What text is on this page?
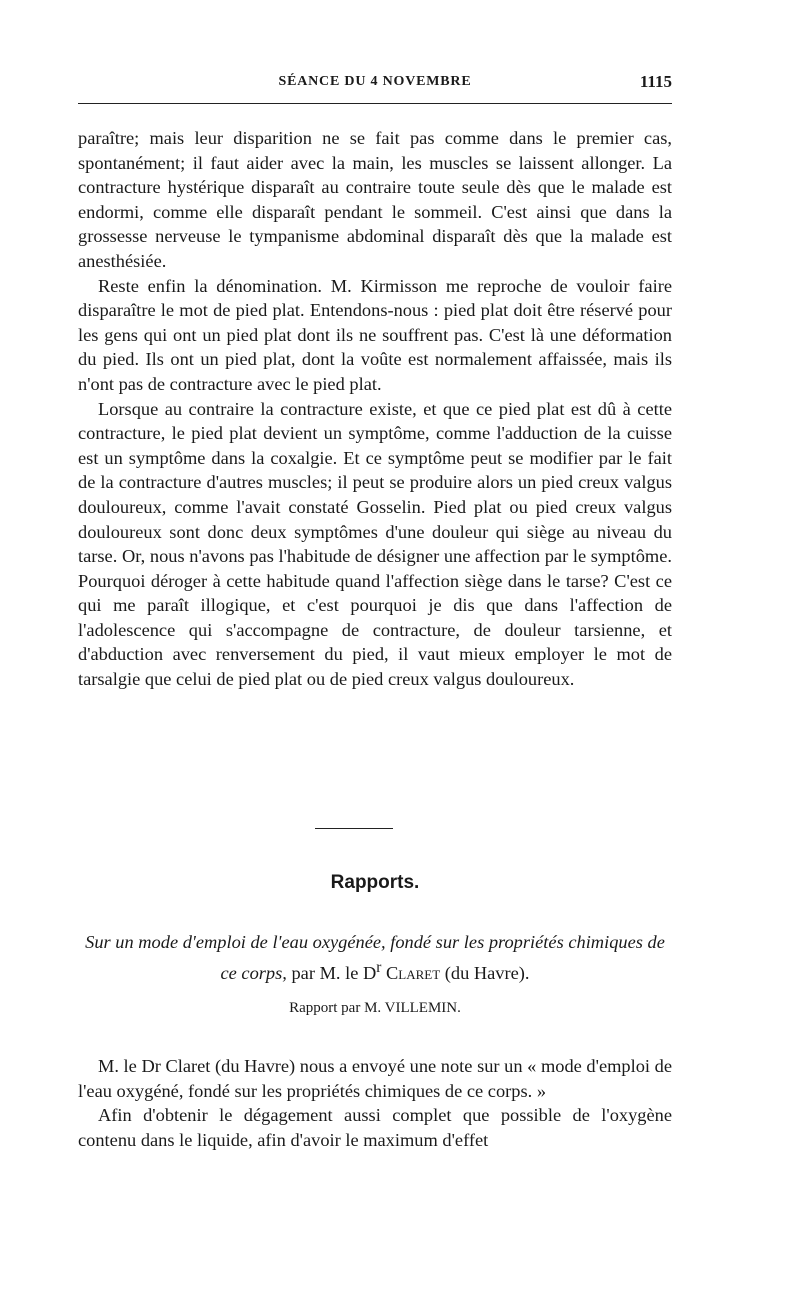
SÉANCE DU 4 NOVEMBRE	1115

paraître; mais leur disparition ne se fait pas comme dans le premier cas, spontanément; il faut aider avec la main, les muscles se laissent allonger. La contracture hystérique disparaît au contraire toute seule dès que le malade est endormi, comme elle disparaît pendant le sommeil. C'est ainsi que dans la grossesse nerveuse le tympanisme abdominal disparaît dès que la malade est anesthésiée.

Reste enfin la dénomination. M. Kirmisson me reproche de vouloir faire disparaître le mot de pied plat. Entendons-nous : pied plat doit être réservé pour les gens qui ont un pied plat dont ils ne souffrent pas. C'est là une déformation du pied. Ils ont un pied plat, dont la voûte est normalement affaissée, mais ils n'ont pas de contracture avec le pied plat.

Lorsque au contraire la contracture existe, et que ce pied plat est dû à cette contracture, le pied plat devient un symptôme, comme l'adduction de la cuisse est un symptôme dans la coxalgie. Et ce symptôme peut se modifier par le fait de la contracture d'autres muscles; il peut se produire alors un pied creux valgus douloureux, comme l'avait constaté Gosselin. Pied plat ou pied creux valgus douloureux sont donc deux symptômes d'une douleur qui siège au niveau du tarse. Or, nous n'avons pas l'habitude de désigner une affection par le symptôme. Pourquoi déroger à cette habitude quand l'affection siège dans le tarse? C'est ce qui me paraît illogique, et c'est pourquoi je dis que dans l'affection de l'adolescence qui s'accompagne de contracture, de douleur tarsienne, et d'abduction avec renversement du pied, il vaut mieux employer le mot de tarsalgie que celui de pied plat ou de pied creux valgus douloureux.

Rapports.
Sur un mode d'emploi de l'eau oxygénée, fondé sur les propriétés chimiques de ce corps, par M. le $D^r$ Claret (du Havre).
Rapport par M. VILLEMIN.

M. le Dr Claret (du Havre) nous a envoyé une note sur un « mode d'emploi de l'eau oxygéné, fondé sur les propriétés chimiques de ce corps. »

Afin d'obtenir le dégagement aussi complet que possible de l'oxygène contenu dans le liquide, afin d'avoir le maximum d'effet
